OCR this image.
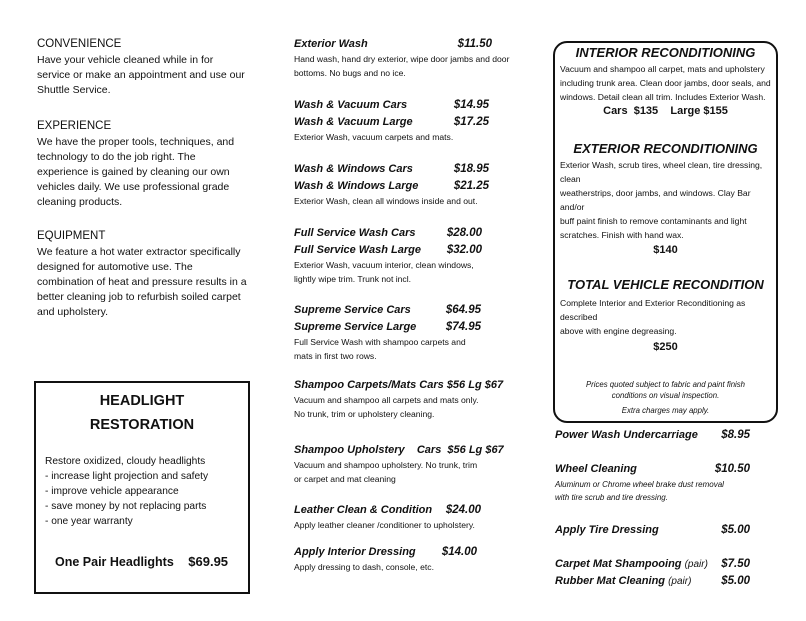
CONVENIENCE
Have your vehicle cleaned while in for
service or make an appointment and use our
Shuttle Service.
EXPERIENCE
We have the proper tools, techniques, and
technology to do the job right. The
experience is gained by cleaning our own
vehicles daily. We use professional grade
cleaning products.
EQUIPMENT
We feature a hot water extractor specifically
designed for automotive use. The
combination of heat and pressure results in a
better cleaning job to refurbish soiled carpet
and upholstery.
HEADLIGHT
RESTORATION
Restore oxidized, cloudy headlights
- increase light projection and safety
- improve vehicle appearance
- save money by not replacing parts
- one year warranty
One Pair Headlights $69.95
Exterior Wash	$11.50
Hand wash, hand dry exterior, wipe door jambs and door
bottoms. No bugs and no ice.
Wash & Vacuum Cars	$14.95
Wash & Vacuum Large	$17.25
Exterior Wash, vacuum carpets and mats.
Wash & Windows Cars	$18.95
Wash & Windows Large	$21.25
Exterior Wash, clean all windows inside and out.
Full Service Wash Cars	$28.00
Full Service Wash Large $32.00
Exterior Wash, vacuum interior, clean windows,
lightly wipe trim. Trunk not incl.
Supreme Service Cars	$64.95
Supreme Service Large	$74.95
Full Service Wash with shampoo carpets and
mats in first two rows.
Shampoo Carpets/Mats Cars $56 Lg $67
Vacuum and shampoo all carpets and mats only.
No trunk, trim or upholstery cleaning.
Shampoo Upholstery    Cars  $56 Lg $67
Vacuum and shampoo upholstery. No trunk, trim
or carpet and mat cleaning
Leather Clean & Condition $24.00
Apply leather cleaner /conditioner to upholstery.
Apply Interior Dressing $14.00
Apply dressing to dash, console, etc.
INTERIOR RECONDITIONING
Vacuum and shampoo all carpet, mats and upholstery
including trunk area. Clean door jambs, door seals, and
windows. Detail clean all trim. Includes Exterior Wash.
Cars  $135    Large $155
EXTERIOR RECONDITIONING
Exterior Wash, scrub tires, wheel clean, tire dressing, clean
weatherstrips, door jambs, and windows. Clay Bar and/or
buff paint finish to remove contaminants and light
scratches. Finish with hand wax.
$140
TOTAL VEHICLE RECONDITION
Complete Interior and Exterior Reconditioning as described
above with engine degreasing.
$250
Prices quoted subject to fabric and paint finish
conditions on visual inspection.
Extra charges may apply.
Power Wash Undercarriage $8.95
Wheel Cleaning	$10.50
Aluminum or Chrome wheel brake dust removal
with tire scrub and tire dressing.
Apply Tire Dressing	$5.00
Carpet Mat Shampooing (pair) $7.50
Rubber Mat Cleaning (pair)	$5.00
